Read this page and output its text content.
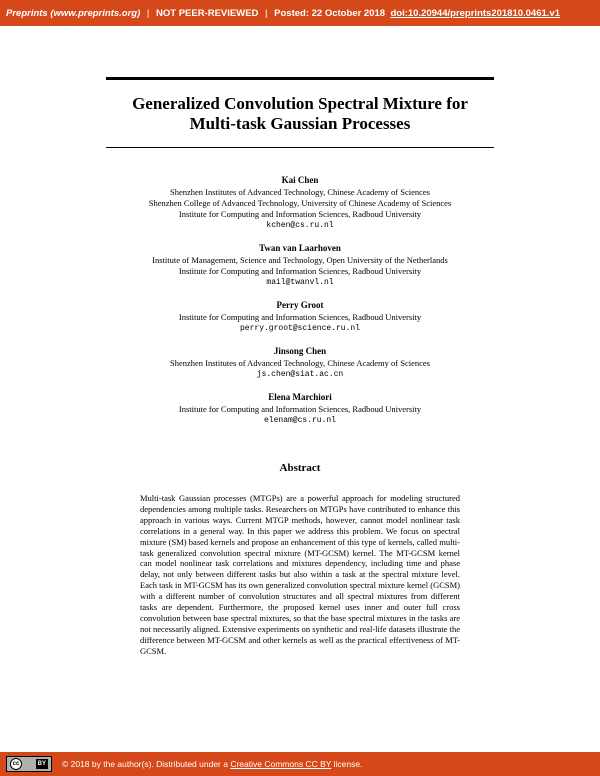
Preprints (www.preprints.org) | NOT PEER-REVIEWED | Posted: 22 October 2018 doi:10.20944/preprints201810.0461.v1
Generalized Convolution Spectral Mixture for
Multi-task Gaussian Processes
Kai Chen
Shenzhen Institutes of Advanced Technology, Chinese Academy of Sciences
Shenzhen College of Advanced Technology, University of Chinese Academy of Sciences
Institute for Computing and Information Sciences, Radboud University
kchen@cs.ru.nl
Twan van Laarhoven
Institute of Management, Science and Technology, Open University of the Netherlands
Institute for Computing and Information Sciences, Radboud University
mail@twanvl.nl
Perry Groot
Institute for Computing and Information Sciences, Radboud University
perry.groot@science.ru.nl
Jinsong Chen
Shenzhen Institutes of Advanced Technology, Chinese Academy of Sciences
js.chen@siat.ac.cn
Elena Marchiori
Institute for Computing and Information Sciences, Radboud University
elenam@cs.ru.nl
Abstract
Multi-task Gaussian processes (MTGPs) are a powerful approach for modeling structured dependencies among multiple tasks. Researchers on MTGPs have contributed to enhance this approach in various ways. Current MTGP methods, however, cannot model nonlinear task correlations in a general way. In this paper we address this problem. We focus on spectral mixture (SM) based kernels and propose an enhancement of this type of kernels, called multi-task generalized convolution spectral mixture (MT-GCSM) kernel. The MT-GCSM kernel can model nonlinear task correlations and mixtures dependency, including time and phase delay, not only between different tasks but also within a task at the spectral mixture level. Each task in MT-GCSM has its own generalized convolution spectral mixture kernel (GCSM) with a different number of convolution structures and all spectral mixtures from different tasks are dependent. Furthermore, the proposed kernel uses inner and outer full cross convolution between base spectral mixtures, so that the base spectral mixtures in the tasks are not necessarily aligned. Extensive experiments on synthetic and real-life datasets illustrate the difference between MT-GCSM and other kernels as well as the practical effectiveness of MT-GCSM.
cc	BY © 2018 by the author(s). Distributed under a Creative Commons CC BY license.
